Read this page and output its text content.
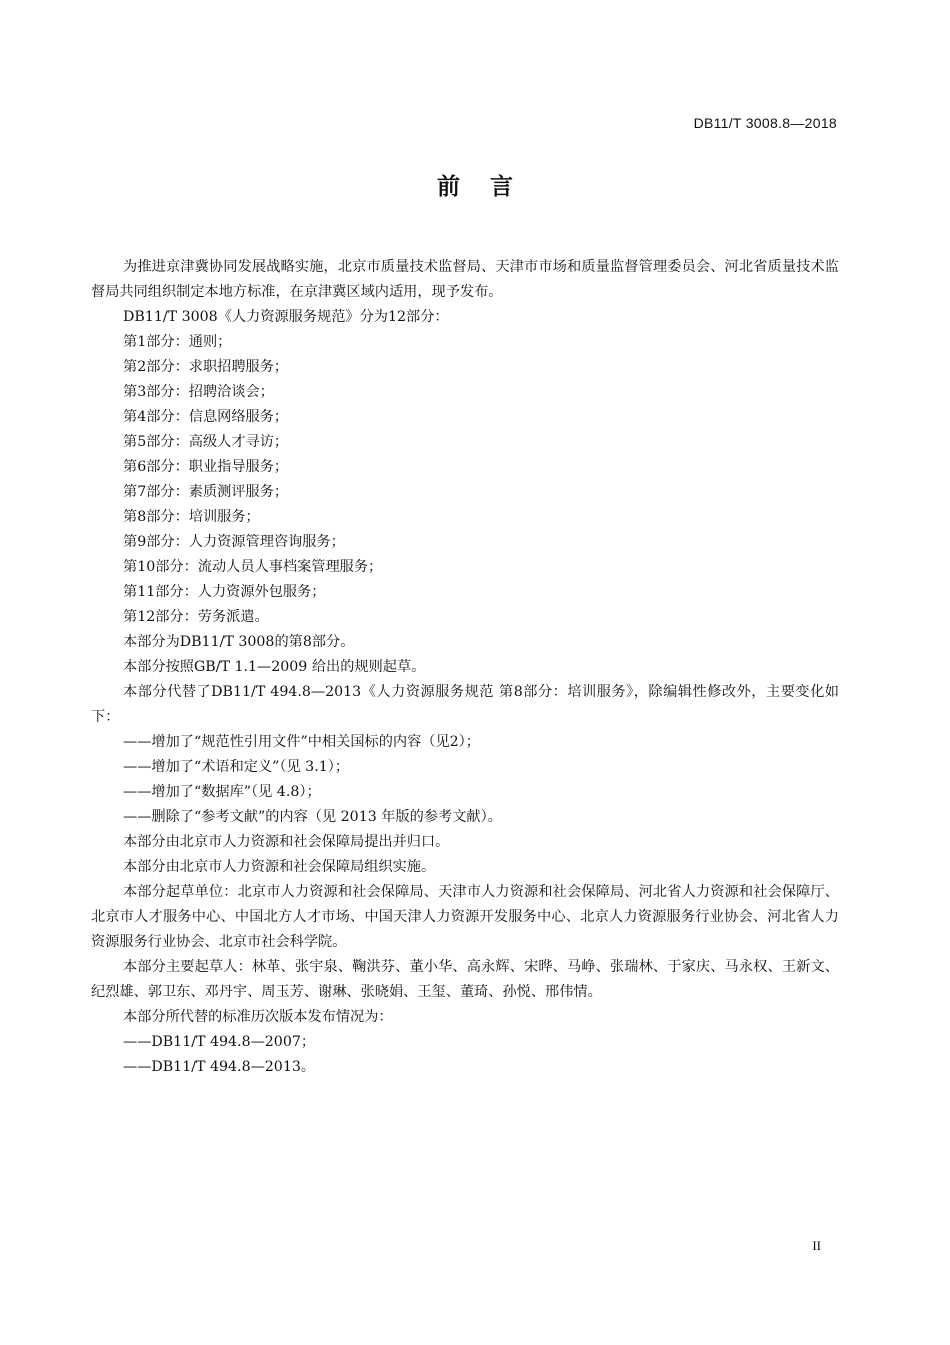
DB11/T 3008.8—2018
前言

为推进京津冀协同发展战略实施，北京市质量技术监督局、天津市市场和质量监督管理委员会、河北省质量技术监督局共同组织制定本地方标准，在京津冀区域内适用，现予发布。

DB11/T 3008《人力资源服务规范》分为12部分：

第1部分：通则；

第2部分：求职招聘服务；

第3部分：招聘洽谈会；

第4部分：信息网络服务；

第5部分：高级人才寻访；

第6部分：职业指导服务；

第7部分：素质测评服务；

第8部分：培训服务；

第9部分：人力资源管理咨询服务；

第10部分：流动人员人事档案管理服务；

第11部分：人力资源外包服务；

第12部分：劳务派遣。

本部分为DB11/T 3008的第8部分。

本部分按照GB/T 1.1—2009 给出的规则起草。

本部分代替了DB11/T 494.8—2013《人力资源服务规范 第8部分：培训服务》，除编辑性修改外，主要变化如下：

——增加了“规范性引用文件”中相关国标的内容（见2）；

——增加了“术语和定义”（见 3.1）；

——增加了“数据库”（见 4.8）；

——删除了“参考文献”的内容（见 2013 年版的参考文献）。

本部分由北京市人力资源和社会保障局提出并归口。

本部分由北京市人力资源和社会保障局组织实施。

本部分起草单位：北京市人力资源和社会保障局、天津市人力资源和社会保障局、河北省人力资源和社会保障厅、北京市人才服务中心、中国北方人才市场、中国天津人力资源开发服务中心、北京人力资源服务行业协会、河北省人力资源服务行业协会、北京市社会科学院。

本部分主要起草人：林革、张宇泉、鞠洪芬、董小华、高永辉、宋晔、马峥、张瑞林、于家庆、马永权、王新文、纪烈雄、郭卫东、邓丹宇、周玉芳、谢琳、张晓娟、王玺、董琦、孙悦、邢伟情。

本部分所代替的标准历次版本发布情况为：

——DB11/T 494.8—2007；

——DB11/T 494.8—2013。

II
